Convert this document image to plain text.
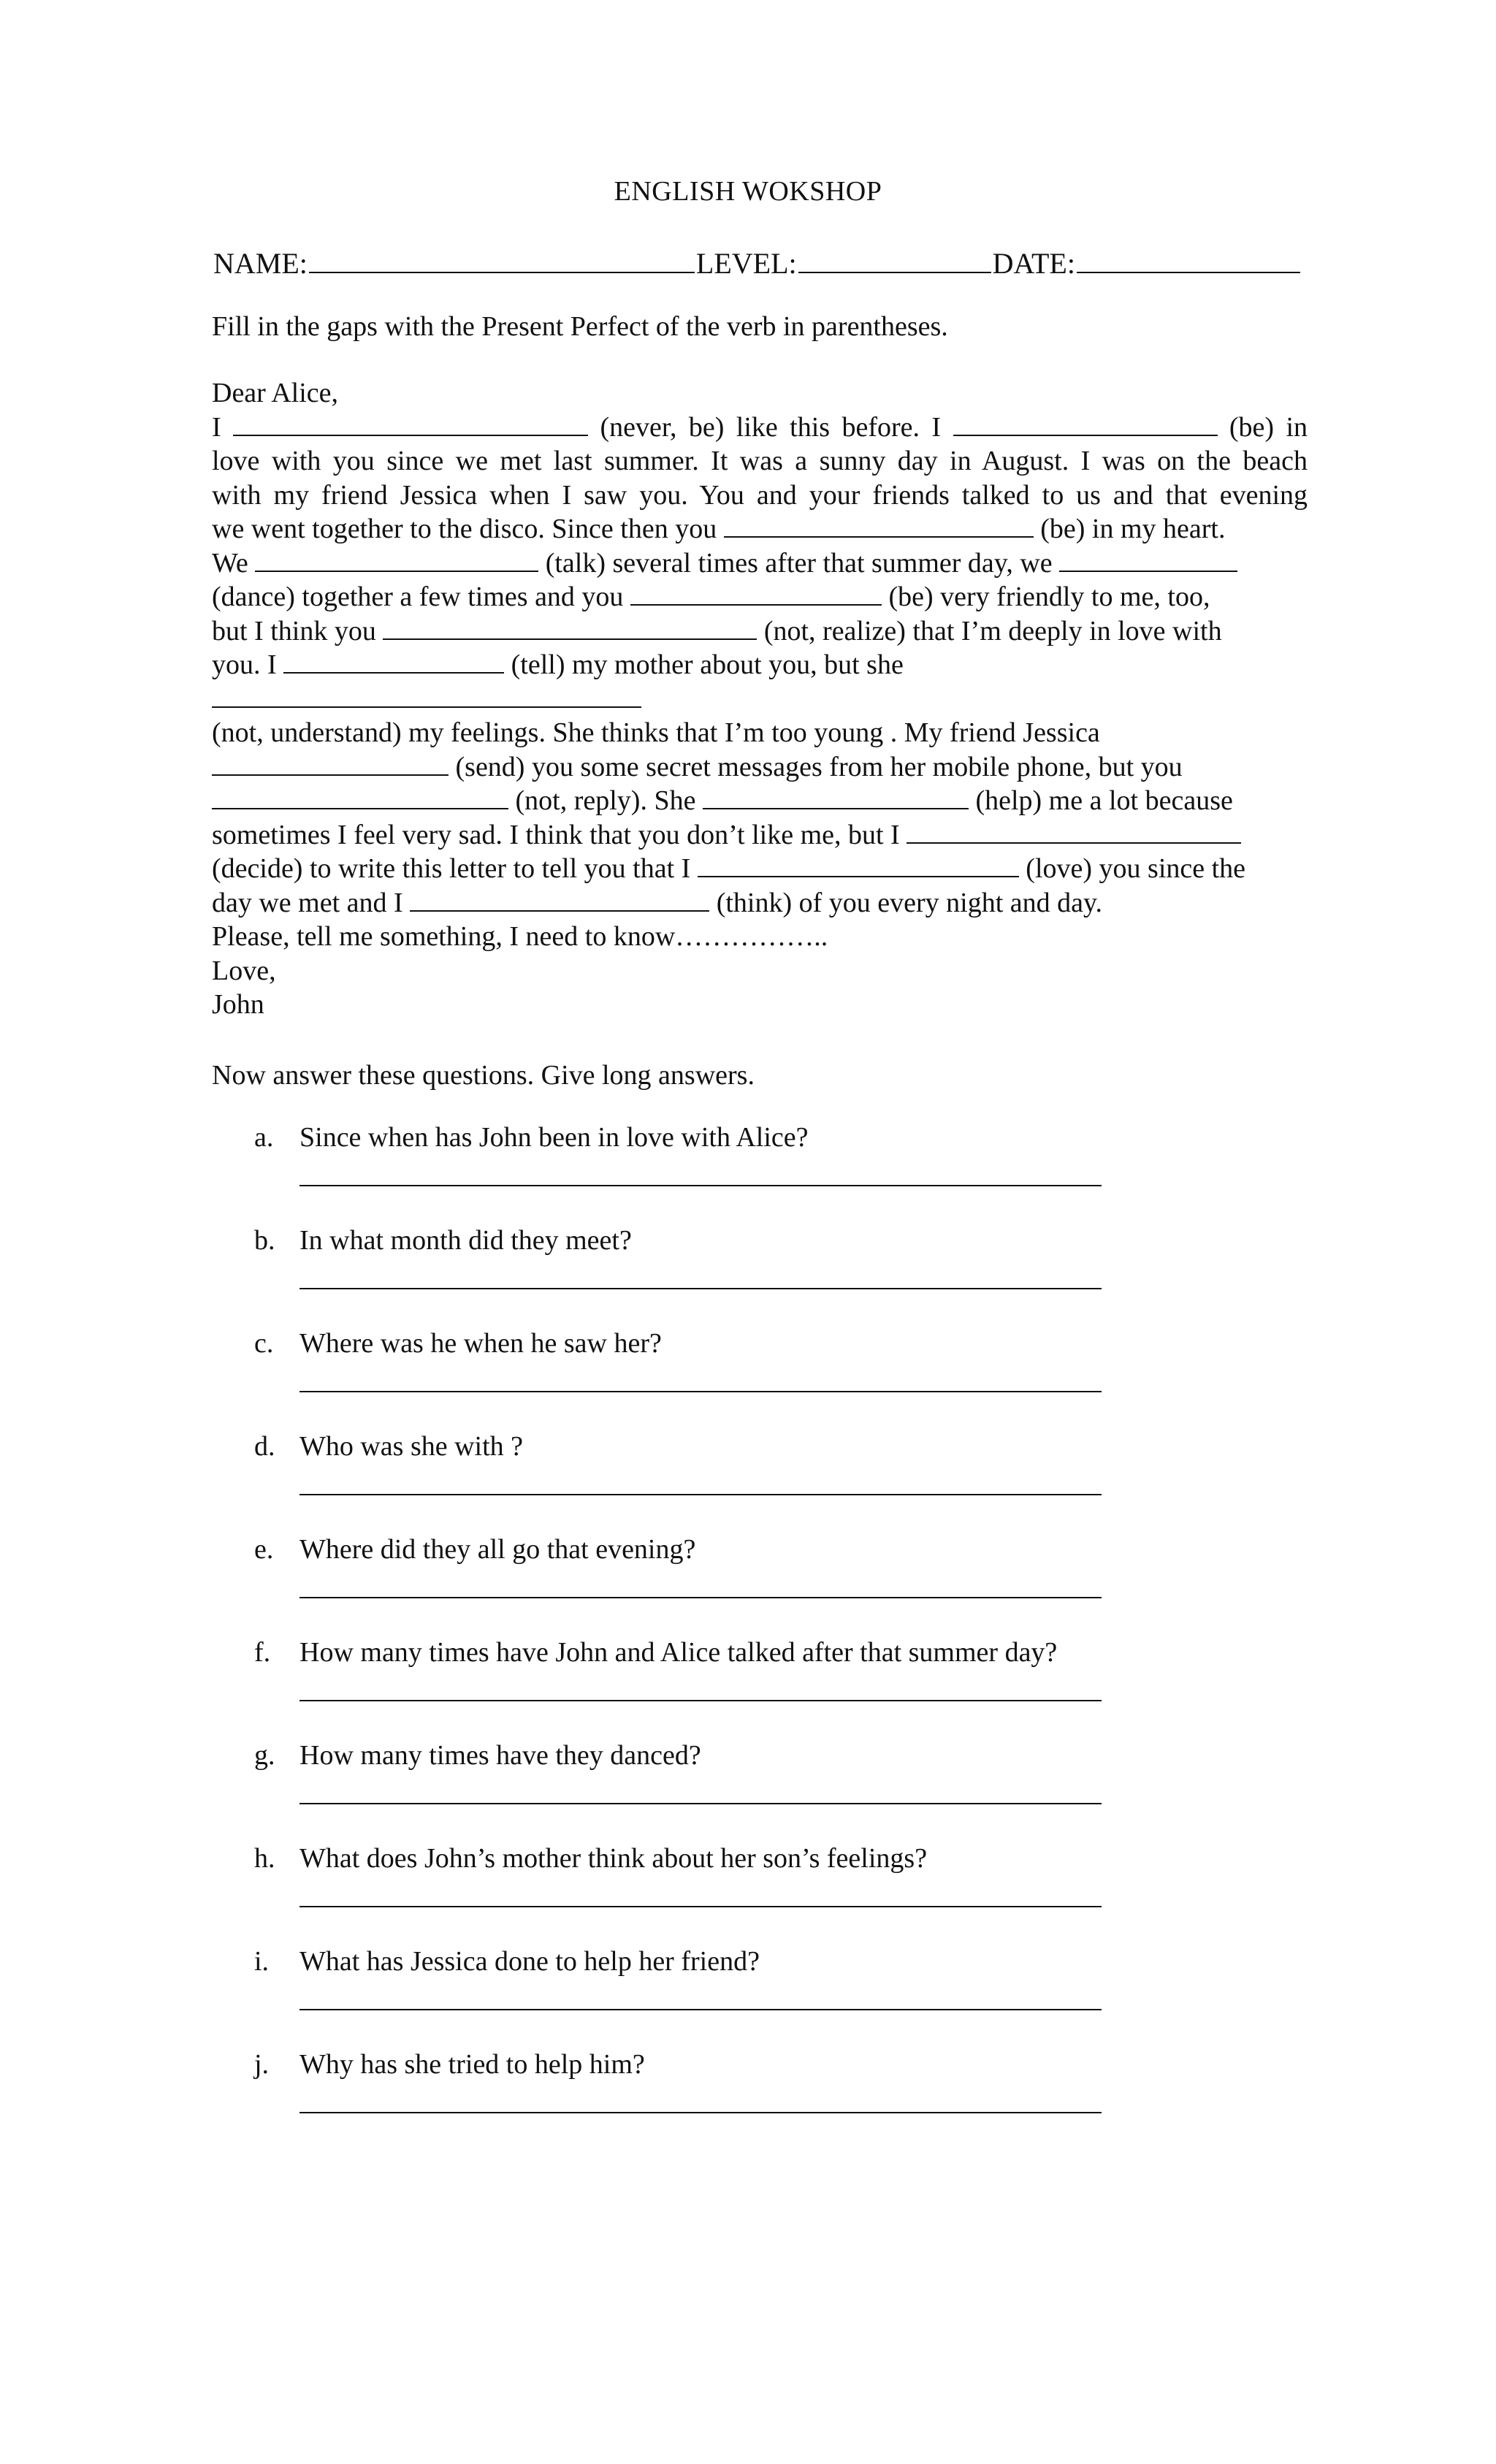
ENGLISH WOKSHOP
NAME:	LEVEL:	DATE:
Fill in the gaps with the Present Perfect of the verb in parentheses.
Dear Alice,
I	(never, be) like this before. I	(be) in
love with you since we met last summer. It was a sunny day in August. I was on the beach
with my friend Jessica when I saw you. You and your friends talked to us and that evening
we went together to the disco. Since then you	(be) in my heart.
We	(talk) several times after that summer day, we
(dance) together a few times and you	(be) very friendly to me, too,
but I think you	(not, realize) that I’m deeply in love with
you. I	(tell) my mother about you, but she
(not, understand) my feelings. She thinks that I’m too young . My friend Jessica
(send) you some secret messages from her mobile phone, but you
(not, reply). She	(help) me a lot because
sometimes I feel very sad. I think that you don’t like me, but I
(decide) to write this letter to tell you that I	(love) you since the
day we met and I	(think) of you every night and day.
Please, tell me something, I need to know……………..
Love,
John
Now answer these questions. Give long answers.
a. Since when has John been in love with Alice?
b. In what month did they meet?
c. Where was he when he saw her?
d. Who was she with ?
e. Where did they all go that evening?
f. How many times have John and Alice talked after that summer day?
g. How many times have they danced?
h. What does John’s mother think about her son’s feelings?
i. What has Jessica done to help her friend?
j. Why has she tried to help him?
